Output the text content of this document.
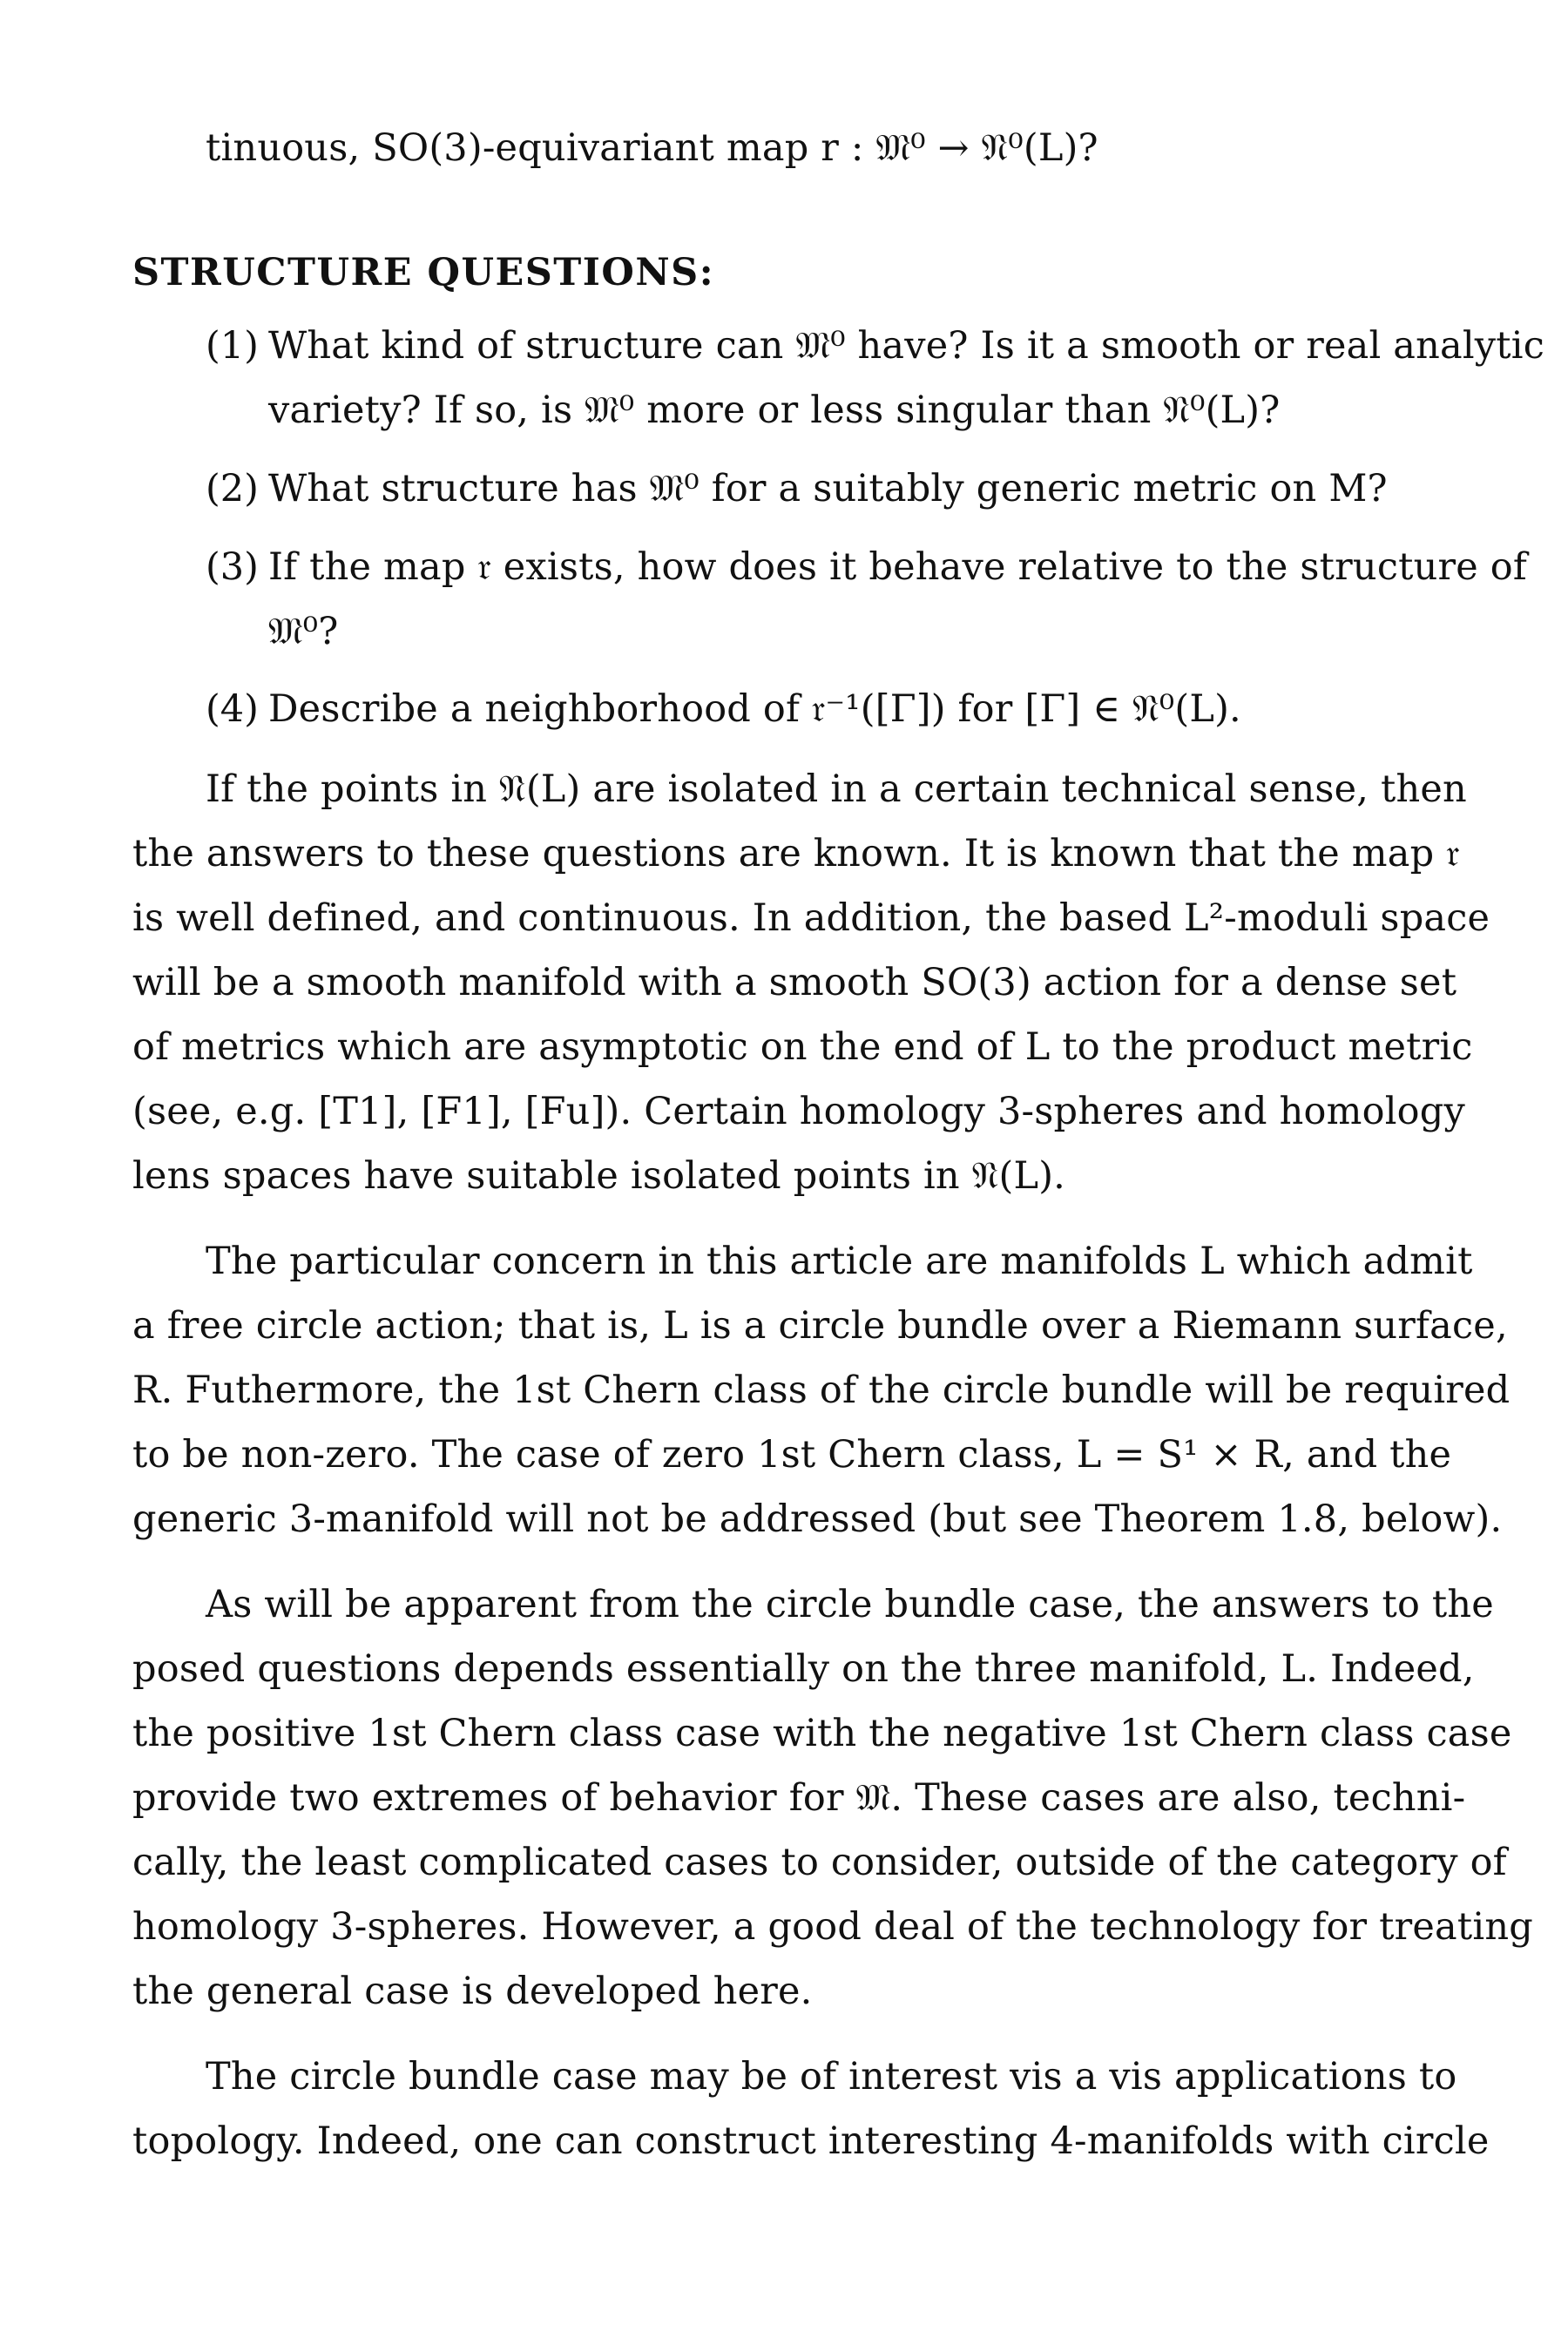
tinuous, SO(3)-equivariant map r : 𝔐⁰ → 𝔑⁰(L)?
STRUCTURE QUESTIONS:
(1) What kind of structure can 𝔐⁰ have? Is it a smooth or real analytic
variety? If so, is 𝔐⁰ more or less singular than 𝔑⁰(L)?
(2) What structure has 𝔐⁰ for a suitably generic metric on M?
(3) If the map 𝔯 exists, how does it behave relative to the structure of
𝔐⁰?
(4) Describe a neighborhood of 𝔯⁻¹([Γ]) for [Γ] ∈ 𝔑⁰(L).
If the points in 𝔑(L) are isolated in a certain technical sense, then
the answers to these questions are known. It is known that the map 𝔯
is well defined, and continuous. In addition, the based L²-moduli space
will be a smooth manifold with a smooth SO(3) action for a dense set
of metrics which are asymptotic on the end of L to the product metric
(see, e.g. [T1], [F1], [Fu]). Certain homology 3-spheres and homology
lens spaces have suitable isolated points in 𝔑(L).
The particular concern in this article are manifolds L which admit
a free circle action; that is, L is a circle bundle over a Riemann surface,
R. Futhermore, the 1st Chern class of the circle bundle will be required
to be non-zero. The case of zero 1st Chern class, L = S¹ × R, and the
generic 3-manifold will not be addressed (but see Theorem 1.8, below).
As will be apparent from the circle bundle case, the answers to the
posed questions depends essentially on the three manifold, L. Indeed,
the positive 1st Chern class case with the negative 1st Chern class case
provide two extremes of behavior for 𝔐. These cases are also, techni-
cally, the least complicated cases to consider, outside of the category of
homology 3-spheres. However, a good deal of the technology for treating
the general case is developed here.
The circle bundle case may be of interest vis a vis applications to
topology. Indeed, one can construct interesting 4-manifolds with circle
